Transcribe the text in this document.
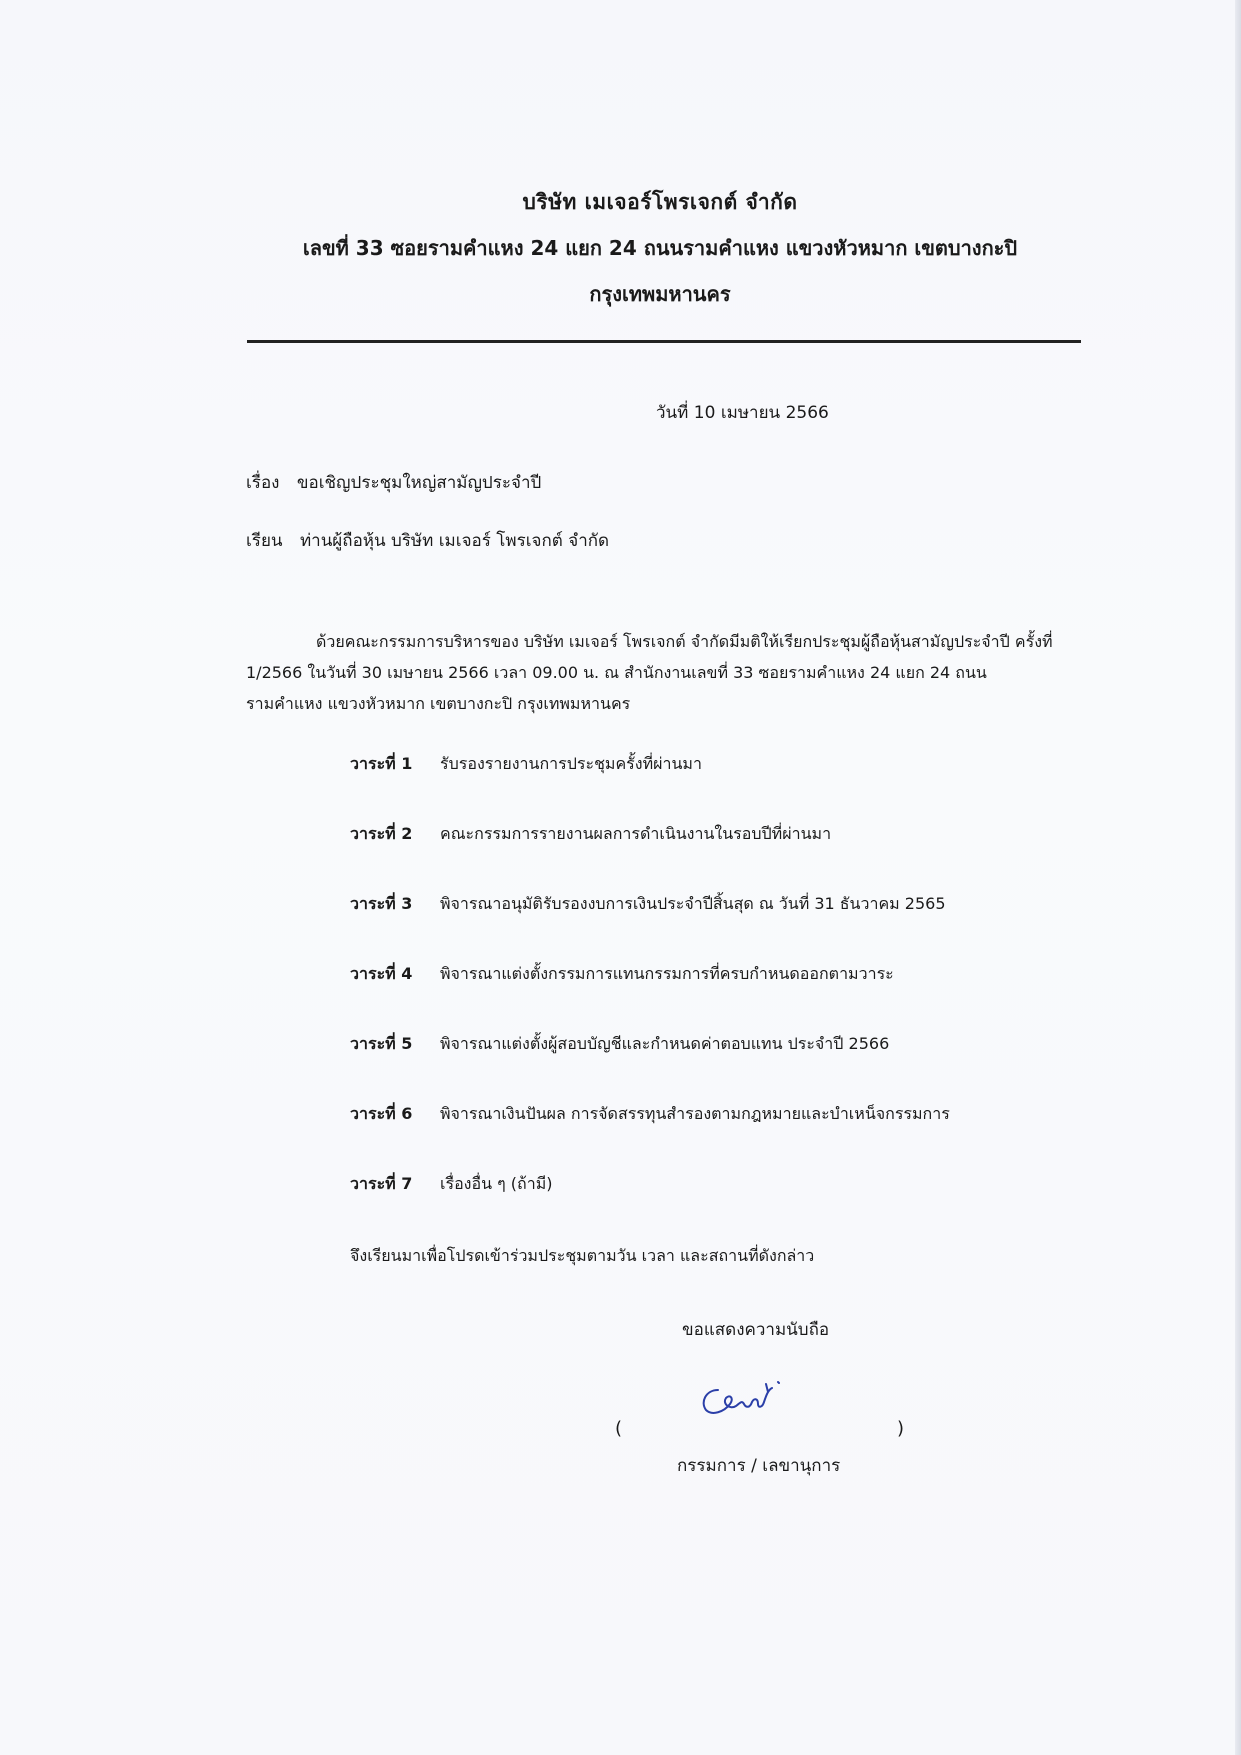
บริษัท เมเจอร์โพรเจกต์ จำกัด
เลขที่ 33 ซอยรามคำแหง 24 แยก 24 ถนนรามคำแหง แขวงหัวหมาก เขตบางกะปิ
กรุงเทพมหานคร
วันที่ 10 เมษายน 2566
เรื่อง ขอเชิญประชุมใหญ่สามัญประจำปี
เรียน ท่านผู้ถือหุ้น บริษัท เมเจอร์ โพรเจกต์ จำกัด
ด้วยคณะกรรมการบริหารของ บริษัท เมเจอร์ โพรเจกต์ จำกัดมีมติให้เรียกประชุมผู้ถือหุ้นสามัญประจำปี ครั้งที่ 1/2566 ในวันที่ 30 เมษายน 2566 เวลา 09.00 น. ณ สำนักงานเลขที่ 33 ซอยรามคำแหง 24 แยก 24 ถนนรามคำแหง แขวงหัวหมาก เขตบางกะปิ กรุงเทพมหานคร
วาระที่ 1 รับรองรายงานการประชุมครั้งที่ผ่านมา
วาระที่ 2 คณะกรรมการรายงานผลการดำเนินงานในรอบปีที่ผ่านมา
วาระที่ 3 พิจารณาอนุมัติรับรองงบการเงินประจำปีสิ้นสุด ณ วันที่ 31 ธันวาคม 2565
วาระที่ 4 พิจารณาแต่งตั้งกรรมการแทนกรรมการที่ครบกำหนดออกตามวาระ
วาระที่ 5 พิจารณาแต่งตั้งผู้สอบบัญชีและกำหนดค่าตอบแทน ประจำปี 2566
วาระที่ 6 พิจารณาเงินปันผล การจัดสรรทุนสำรองตามกฎหมายและบำเหน็จกรรมการ
วาระที่ 7 เรื่องอื่น ๆ (ถ้ามี)
จึงเรียนมาเพื่อโปรดเข้าร่วมประชุมตามวัน เวลา และสถานที่ดังกล่าว
ขอแสดงความนับถือ
(	)
กรรมการ / เลขานุการ
